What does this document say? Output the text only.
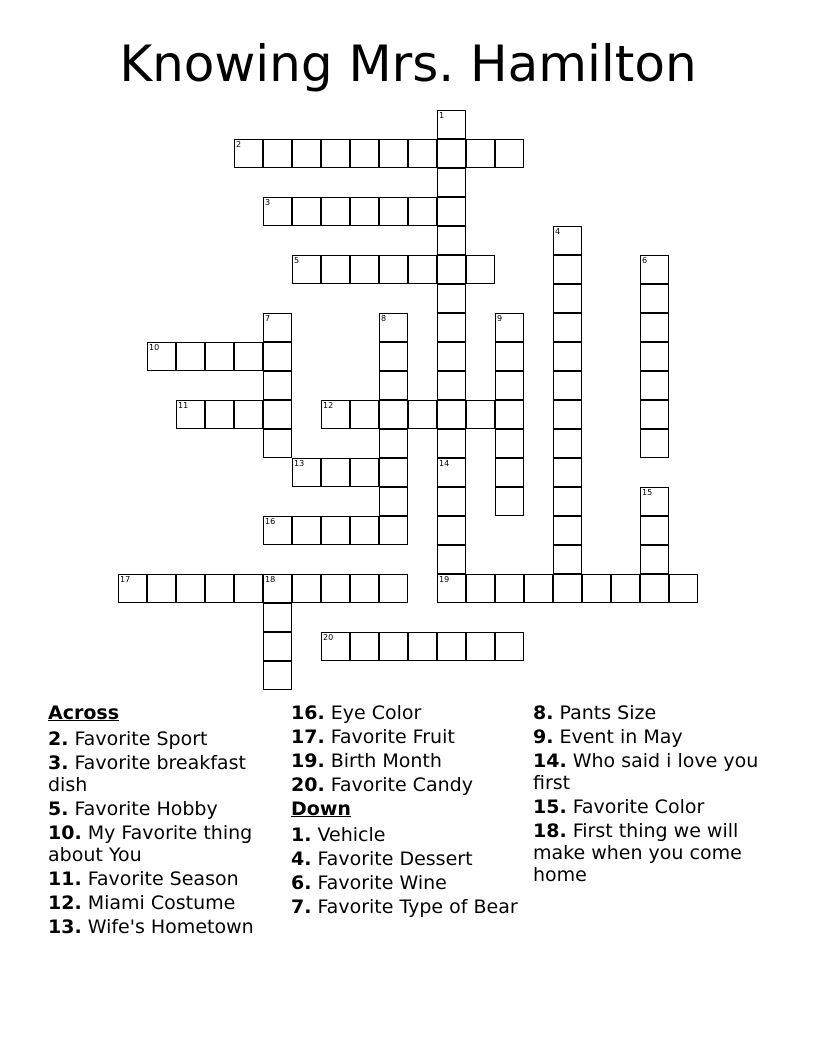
Knowing Mrs. Hamilton
1
2
3
4
5	6
7	8	9
10
11	12
13	14
19
15
16
17	18
20
Across
2. Favorite Sport
3. Favorite breakfast dish
5. Favorite Hobby
10. My Favorite thing about You
11. Favorite Season
12. Miami Costume
13. Wife's Hometown
16. Eye Color
17. Favorite Fruit
19. Birth Month
20. Favorite Candy
Down
1. Vehicle
4. Favorite Dessert
6. Favorite Wine
7. Favorite Type of Bear
8. Pants Size
9. Event in May
14. Who said i love you first
15. Favorite Color
18. First thing we will make when you come home
